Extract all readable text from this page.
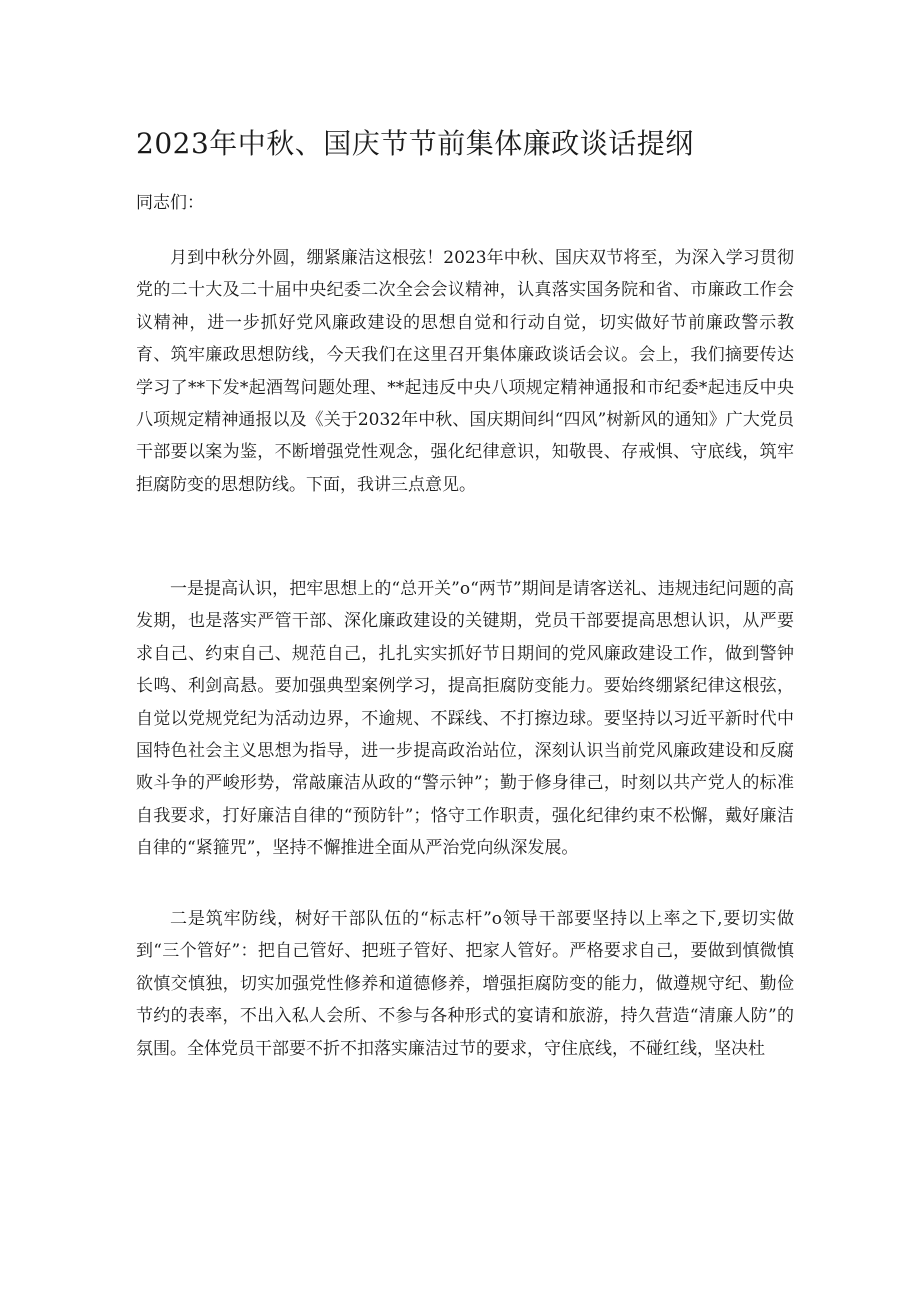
2023年中秋、国庆节节前集体廉政谈话提纲

同志们：

月到中秋分外圆，绷紧廉洁这根弦！2023年中秋、国庆双节将至，为深入学习贯彻党的二十大及二十届中央纪委二次全会会议精神，认真落实国务院和省、市廉政工作会议精神，进一步抓好党风廉政建设的思想自觉和行动自觉，切实做好节前廉政警示教育、筑牢廉政思想防线，今天我们在这里召开集体廉政谈话会议。会上，我们摘要传达学习了**下发*起酒驾问题处理、**起违反中央八项规定精神通报和市纪委*起违反中央八项规定精神通报以及《关于2032年中秋、国庆期间纠“四风”树新风的通知》广大党员干部要以案为鉴，不断增强党性观念，强化纪律意识，知敬畏、存戒惧、守底线，筑牢拒腐防变的思想防线。下面，我讲三点意见。

一是提高认识，把牢思想上的“总开关”o“两节”期间是请客送礼、违规违纪问题的高发期，也是落实严管干部、深化廉政建设的关键期，党员干部要提高思想认识，从严要求自己、约束自己、规范自己，扎扎实实抓好节日期间的党风廉政建设工作，做到警钟长鸣、利剑高悬。要加强典型案例学习，提高拒腐防变能力。要始终绷紧纪律这根弦，自觉以党规党纪为活动边界，不逾规、不踩线、不打擦边球。要坚持以习近平新时代中国特色社会主义思想为指导，进一步提高政治站位，深刻认识当前党风廉政建设和反腐败斗争的严峻形势，常敲廉洁从政的“警示钟”；勤于修身律己，时刻以共产党人的标准自我要求，打好廉洁自律的“预防针”；恪守工作职责，强化纪律约束不松懈，戴好廉洁自律的“紧箍咒”，坚持不懈推进全面从严治党向纵深发展。

二是筑牢防线，树好干部队伍的“标志杆”o领导干部要坚持以上率之下,要切实做到“三个管好”：把自己管好、把班子管好、把家人管好。严格要求自己，要做到慎微慎欲慎交慎独，切实加强党性修养和道德修养，增强拒腐防变的能力，做遵规守纪、勤俭节约的表率，不出入私人会所、不参与各种形式的宴请和旅游，持久营造“清廉人防”的氛围。全体党员干部要不折不扣落实廉洁过节的要求，守住底线，不碰红线，坚决杜
